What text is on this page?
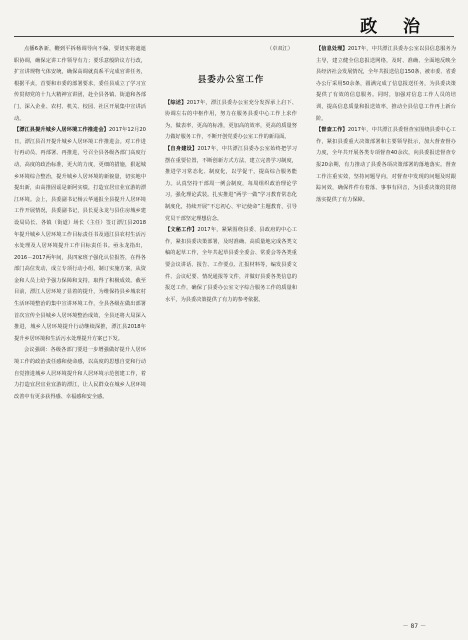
政 治

点播6条新，鞭到平拆杨调导向不偏，要切实将遮遮职协调，确保定讲工作领导有力；要乐意般阶议方行改，扩宣讲规物弋体安统，确保高调就真系平完成官讲任务，根据平贞，首要和市委的部署要求，委任县成立了学习宣传贯彻党的十九大精神宣讲团，赴全县各镇、街道和各部门，深入企业、农村、机关、校园、社区开展集中宣讲活动。

【漂江县提升城乡人居环境工作推进会】2017年12月20日，漂江县召开提升城乡人居环境工作推进会。对工作进行再动员、再部署、再推进，号召全县各级各部门高度行动，高度的政治标准，更大的力度，更细的措施，狠起城乡环境综合整治，提升城乡人居环境的新貌量，切实地中提出新，由高推固谣是新阿实绩，打造宜居宜业宜游的漂江环境。会上，县委副书记杨云华通报全县提升人居环境工作开展情况，县委副书记，县长夏永龙与县住房城乡建设局局长、各镇（街道）场长（主任）签订漂江县2018年提升城乡人居环境工作目标责任书及通江县农村生活污水处理及人居环境提升工作目标责任书。亟永龙指出，2016－2017两年间，县四家班子强化认位报答，在得各部门高位发动，成立专项行动小组，制订实施方案，从资金和人员上给予强力保障和支持，取得了积极成效。截至目前，漂江人居环境了显着的提升，为维保持县乡城农村生活环境整治的集中宣讲环境工作，全县各级在做出部署首次宣传全县城乡人居环境整治成效，全县还将大局深入推进，城乡人居环境提升行动继续深推，漂江县2018年提升乡居环境和生活污水处理提升方案已下发。

会议强调：各级各部门要进一步增强做好提升人居环境工作的政治责任感和使命感，以高度的思想自觉和行动自觉推进城乡人居环境提升和人居环境示范创建工作，着力打造宜居宜业宜游的漂江，让人民群众在城乡人居环境改善中有更多获得感、幸福感和安全感。

（卓双江）

县委办公室工作

【综述】2017年，漂江县委办公室充分发挥承上启下、协调左右的中枢作用，努力在服务县委中心工作上求作为，做表率，更高的标准，更加高的效率，更高的质量努力做好服务工作，不断开创党委办公室工作的新局面。

【自身建设】2017年，中共漂江县委办公室始终把学习摆在重要位置，不断创新方式方法，建立完善学习制度，推进学习常态化、制度化，以学促干，提高综合服务能力。认真坚持干部周一例会制度，每周组织政治理论学习，强化理论武装。扎实推进“两学一做”学习教育常态化制度化，持续开展“不忘初心、牢记使命”主题教育，引导党员干部坚定理想信念。

【文秘工作】2017年，紧紧围绕县委、县政府的中心工作，紧扣县委决策部署，及时准确、高质量地完成各类文稿的起草工作，全年共起草县委全委会、常委会等各类重要会议讲话、报告、工作要点、汇报材料等，编发县委文件、会议纪要、情况通报等文件，并做好县委各类信息的报送工作，确保了县委办公室文字综合服务工作的质量和水平，为县委决策提供了有力的参考依据。

【信息处理】2017年，中共漂江县委办公室以县信息服务为主导，建立健全信息报送网络，及时、准确、全面地反映全县经济社会发展情况，全年共报送信息150条，被市委、省委办公厅采用50余条，圆满完成了信息报送任务，为县委决策提供了有效的信息服务。同时，加强对信息工作人员的培训，提高信息质量和报送效率，推动全县信息工作再上新台阶。

【督查工作】2017年，中共漂江县委督查室围绕县委中心工作，紧扣县委重大决策部署和主要领导批示，加大督查督办力度，全年共开展各类专项督查40余次，向县委报送督查专报20余期，有力推动了县委各项决策部署的落地落实。督查工作注重实效，坚持问题导向，对督查中发现的问题及时跟踪问效，确保件件有着落、事事有回音，为县委决策的贯彻落实提供了有力保障。

－ 87 －
